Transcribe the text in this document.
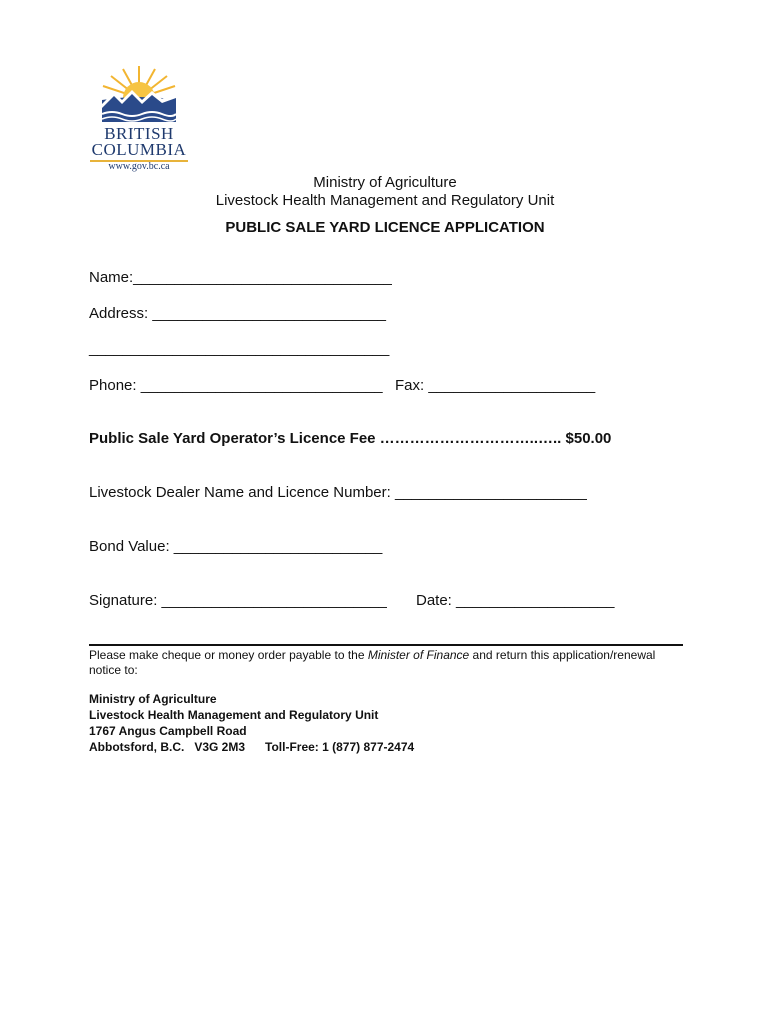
BRITISH
COLUMBIA
www.gov.bc.ca
Ministry of Agriculture
Livestock Health Management and Regulatory Unit
PUBLIC SALE YARD LICENCE APPLICATION
Name:_______________________________
Address: ____________________________
____________________________________
Phone: _____________________________ Fax: ____________________
Public Sale Yard Operator’s Licence Fee …………………………..….. $50.00
Livestock Dealer Name and Licence Number: _______________________
Bond Value: _________________________
Signature: ___________________________ Date: ___________________
Please make cheque or money order payable to the Minister of Finance and return this application/renewal notice to:
Ministry of Agriculture
Livestock Health Management and Regulatory Unit
1767 Angus Campbell Road
Abbotsford, B.C.   V3G 2M3      Toll-Free: 1 (877) 877-2474
